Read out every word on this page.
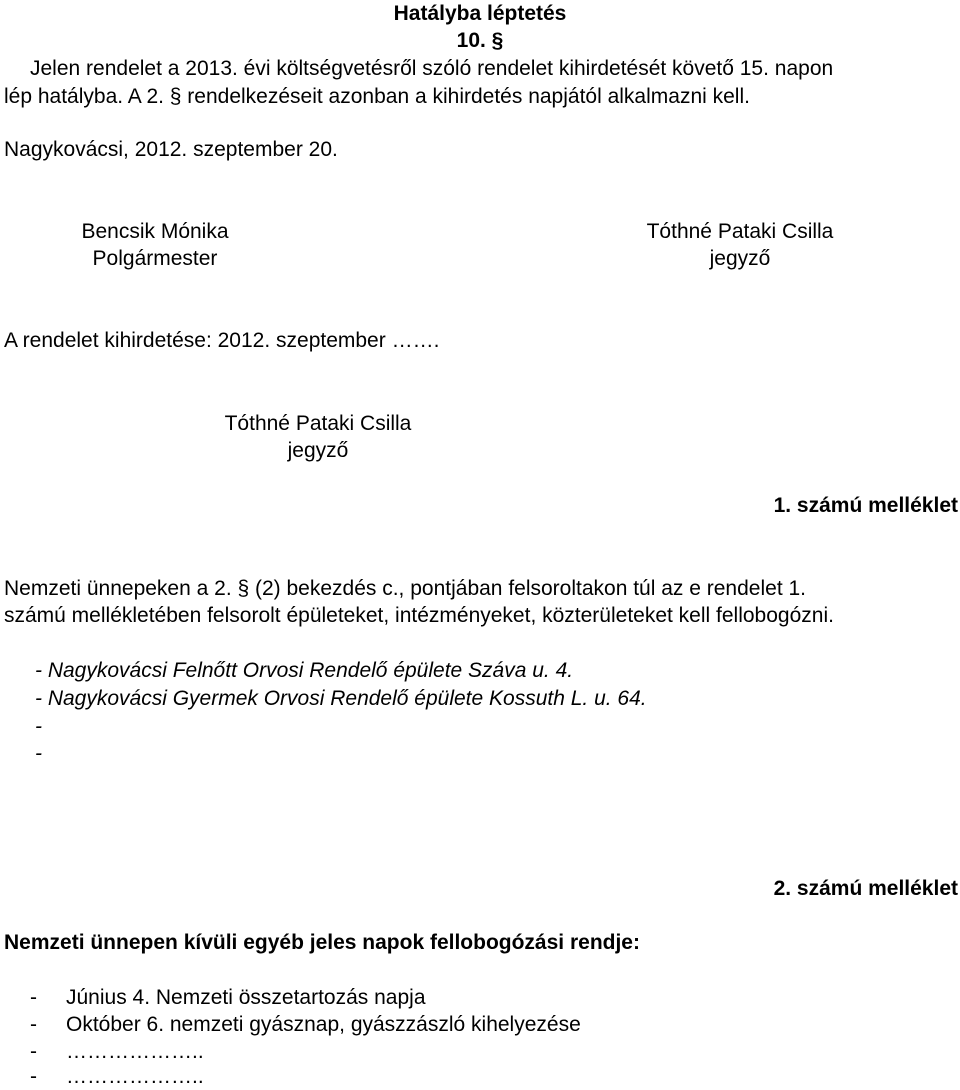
Hatályba léptetés
10. §
Jelen rendelet a 2013. évi költségvetésről szóló rendelet kihirdetését követő 15. napon
lép hatályba. A 2. § rendelkezéseit azonban a kihirdetés napjától alkalmazni kell.
Nagykovácsi, 2012. szeptember 20.
Bencsik Mónika
Polgármester
Tóthné Pataki Csilla
jegyző
A rendelet kihirdetése: 2012. szeptember …….
Tóthné Pataki Csilla
jegyző
1. számú melléklet
Nemzeti ünnepeken a 2. § (2) bekezdés c., pontjában felsoroltakon túl az e rendelet 1.
számú mellékletében felsorolt épületeket, intézményeket, közterületeket kell fellobogózni.
- Nagykovácsi Felnőtt Orvosi Rendelő épülete Száva u. 4.
- Nagykovácsi Gyermek Orvosi Rendelő épülete Kossuth L. u. 64.
-
-
2. számú melléklet
Nemzeti ünnepen kívüli egyéb jeles napok fellobogózási rendje:
- Június 4. Nemzeti összetartozás napja
- Október 6. nemzeti gyásznap, gyászzászló kihelyezése
- ………………..
- ………………..
